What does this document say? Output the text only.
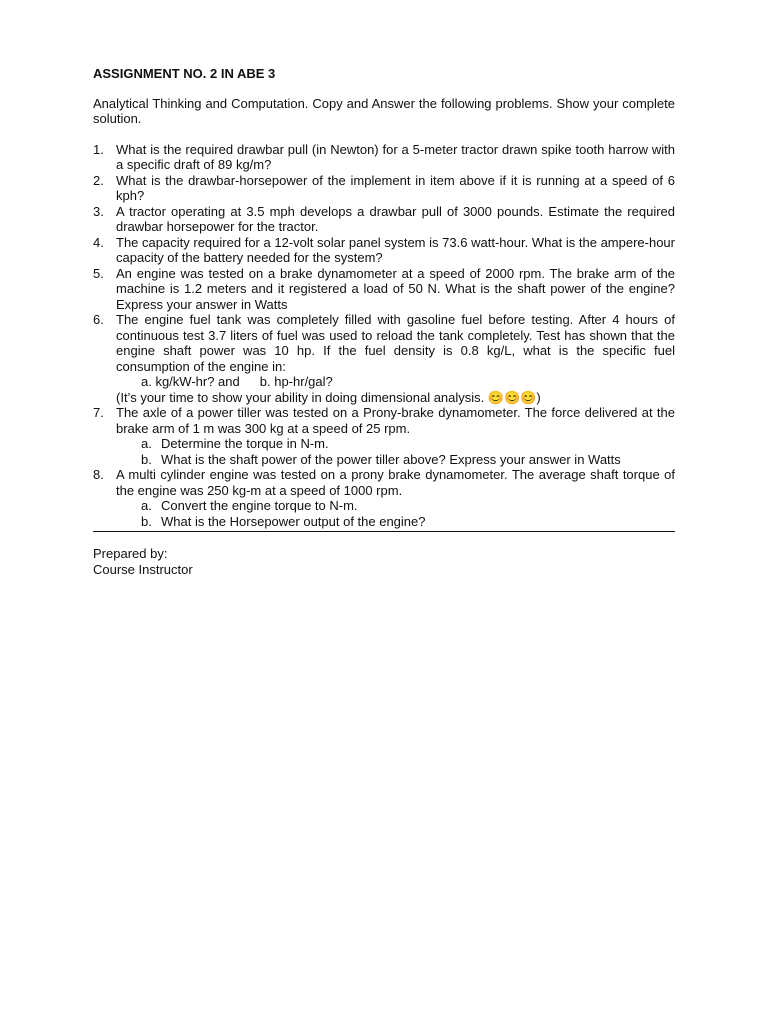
ASSIGNMENT NO. 2 IN ABE 3
Analytical Thinking and Computation. Copy and Answer the following problems. Show your complete solution.
1. What is the required drawbar pull (in Newton) for a 5-meter tractor drawn spike tooth harrow with a specific draft of 89 kg/m?
2. What is the drawbar-horsepower of the implement in item above if it is running at a speed of 6 kph?
3. A tractor operating at 3.5 mph develops a drawbar pull of 3000 pounds. Estimate the required drawbar horsepower for the tractor.
4. The capacity required for a 12-volt solar panel system is 73.6 watt-hour. What is the ampere-hour capacity of the battery needed for the system?
5. An engine was tested on a brake dynamometer at a speed of 2000 rpm. The brake arm of the machine is 1.2 meters and it registered a load of 50 N. What is the shaft power of the engine? Express your answer in Watts
6. The engine fuel tank was completely filled with gasoline fuel before testing. After 4 hours of continuous test 3.7 liters of fuel was used to reload the tank completely. Test has shown that the engine shaft power was 10 hp. If the fuel density is 0.8 kg/L, what is the specific fuel consumption of the engine in:
a. kg/kW-hr? and b. hp-hr/gal?
(It’s your time to show your ability in doing dimensional analysis. 😊😊😊)
7. The axle of a power tiller was tested on a Prony-brake dynamometer. The force delivered at the brake arm of 1 m was 300 kg at a speed of 25 rpm.
a. Determine the torque in N-m.
b. What is the shaft power of the power tiller above? Express your answer in Watts
8. A multi cylinder engine was tested on a prony brake dynamometer. The average shaft torque of the engine was 250 kg-m at a speed of 1000 rpm.
a. Convert the engine torque to N-m.
b. What is the Horsepower output of the engine?
Prepared by:
Course Instructor
